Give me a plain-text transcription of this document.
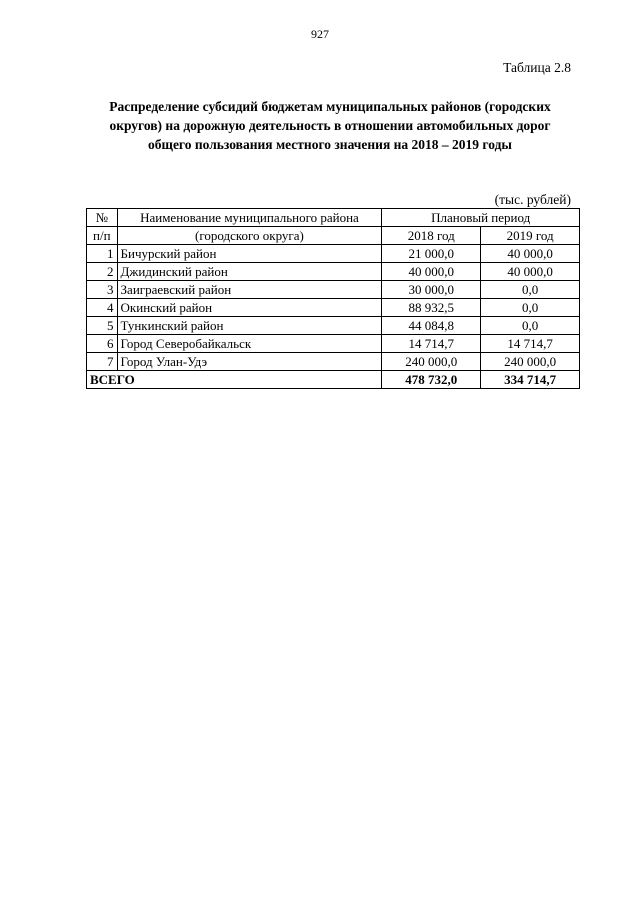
927
Таблица 2.8
Распределение субсидий бюджетам муниципальных районов (городских округов) на дорожную деятельность в отношении автомобильных дорог общего пользования местного значения на 2018 – 2019 годы
(тыс. рублей)
№	Наименование муниципального района	Плановый период	
п/п	(городского округа)	2018 год	2019 год
1	Бичурский район	21 000,0	40 000,0
2	Джидинский район	40 000,0	40 000,0
3	Заиграевский район	30 000,0	0,0
4	Окинский район	88 932,5	0,0
5	Тункинский район	44 084,8	0,0
6	Город Северобайкальск	14 714,7	14 714,7
7	Город Улан-Удэ	240 000,0	240 000,0
ВСЕГО		478 732,0	334 714,7
